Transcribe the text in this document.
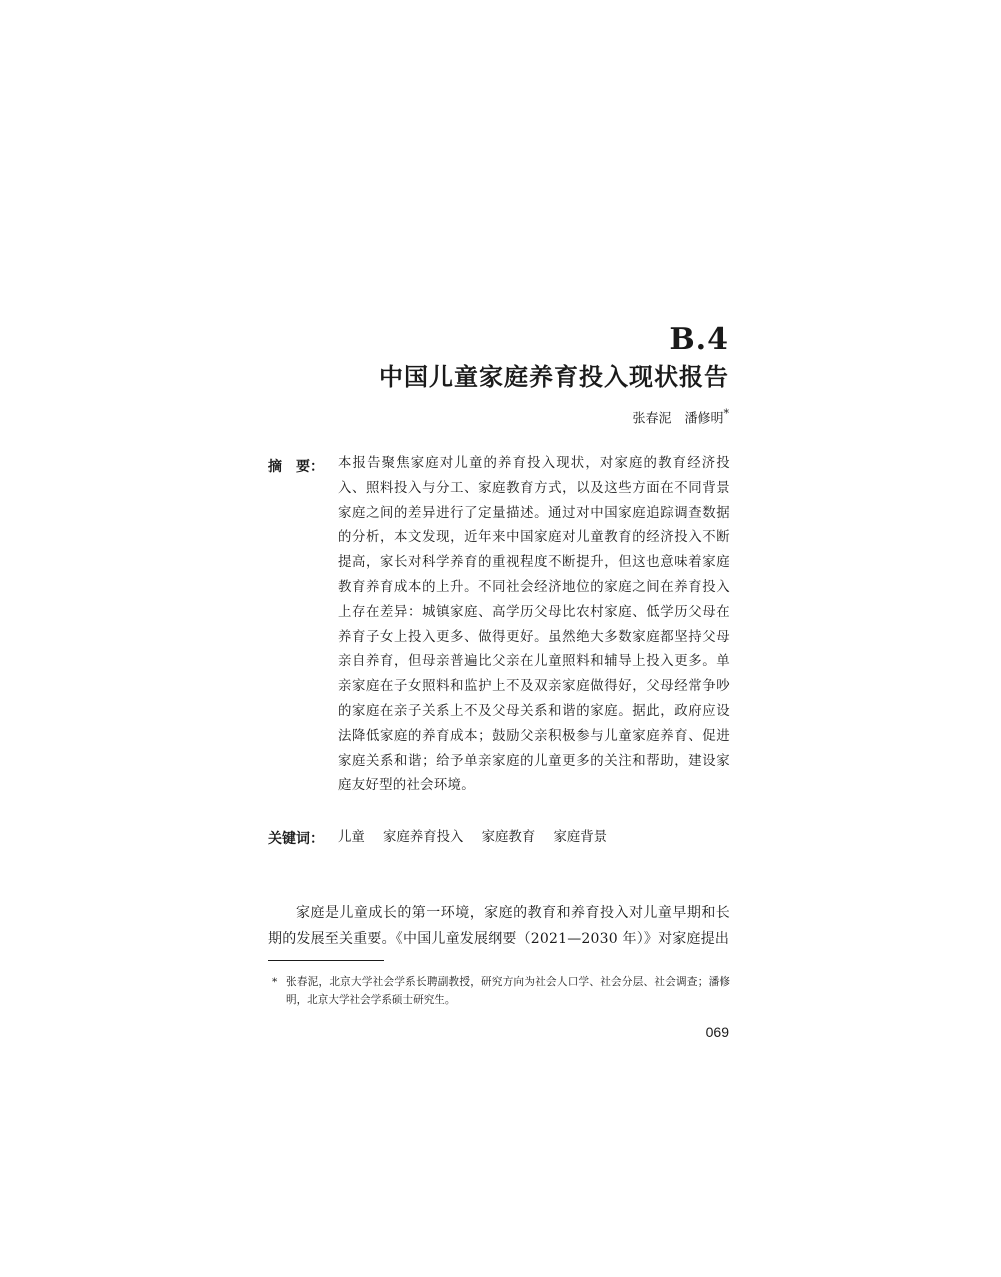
B.4
中国儿童家庭养育投入现状报告
张春泥　潘修明*
摘　要： 本报告聚焦家庭对儿童的养育投入现状，对家庭的教育经济投入、照料投入与分工、家庭教育方式，以及这些方面在不同背景家庭之间的差异进行了定量描述。通过对中国家庭追踪调查数据的分析，本文发现，近年来中国家庭对儿童教育的经济投入不断提高，家长对科学养育的重视程度不断提升，但这也意味着家庭教育养育成本的上升。不同社会经济地位的家庭之间在养育投入上存在差异：城镇家庭、高学历父母比农村家庭、低学历父母在养育子女上投入更多、做得更好。虽然绝大多数家庭都坚持父母亲自养育，但母亲普遍比父亲在儿童照料和辅导上投入更多。单亲家庭在子女照料和监护上不及双亲家庭做得好，父母经常争吵的家庭在亲子关系上不及父母关系和谐的家庭。据此，政府应设法降低家庭的养育成本；鼓励父亲积极参与儿童家庭养育、促进家庭关系和谐；给予单亲家庭的儿童更多的关注和帮助，建设家庭友好型的社会环境。
关键词： 儿童 家庭养育投入 家庭教育 家庭背景
家庭是儿童成长的第一环境，家庭的教育和养育投入对儿童早期和长期的发展至关重要。《中国儿童发展纲要（2021—2030 年）》对家庭提出
* 张春泥，北京大学社会学系长聘副教授，研究方向为社会人口学、社会分层、社会调查；潘修明，北京大学社会学系硕士研究生。
069
